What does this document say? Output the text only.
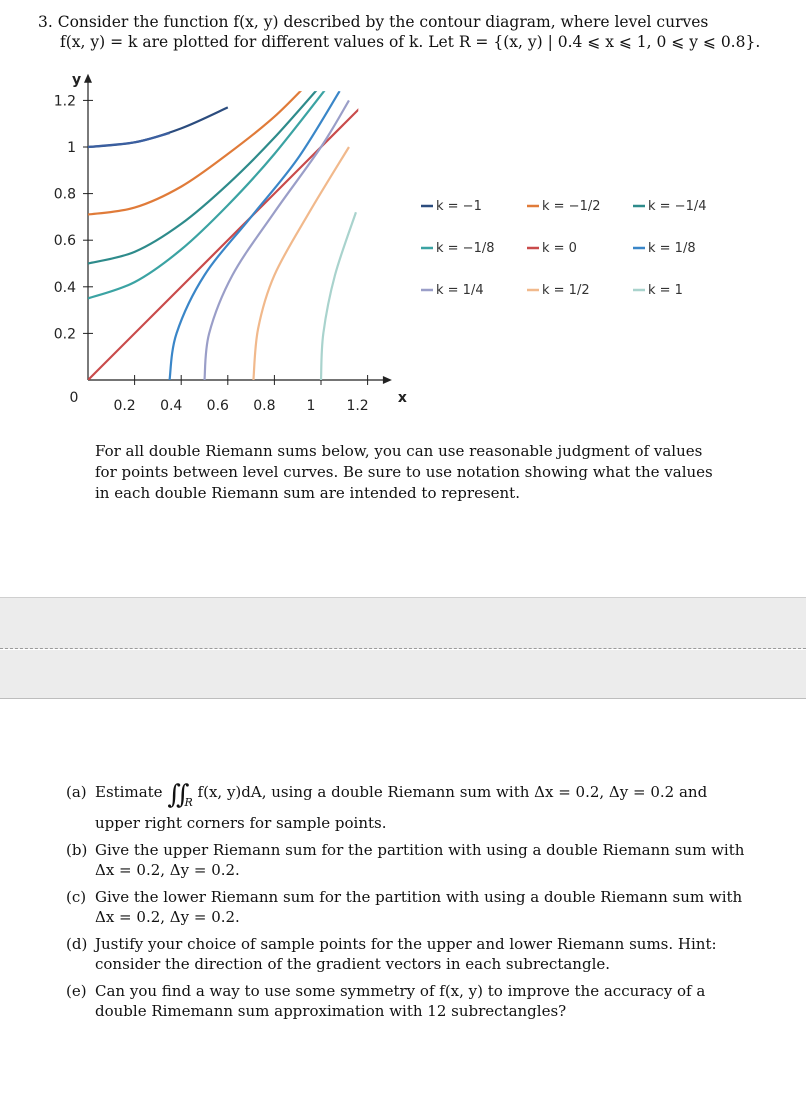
3. Consider the function f(x, y) described by the contour diagram, where level curves
f(x, y) = k are plotted for different values of k. Let R = {(x, y) | 0.4 ⩽ x ⩽ 1, 0 ⩽ y ⩽ 0.8}.
0.2
0.2
0.4
0.4
0.6
0.6
0.8
0.8
1
1
1.2
1.2
0	x
y
k = −1	k = −1/2	k = −1/4
k = −1/8	k = 0	k = 1/8
k = 1/4	k = 1/2	k = 1
For all double Riemann sums below, you can use reasonable judgment of values for points between level curves. Be sure to use notation showing what the values in each double Riemann sum are intended to represent.
(a) Estimate $∬_R$ f(x, y)dA, using a double Riemann sum with Δx = 0.2, Δy = 0.2 and upper right corners for sample points.
(b) Give the upper Riemann sum for the partition with using a double Riemann sum with Δx = 0.2, Δy = 0.2.
(c) Give the lower Riemann sum for the partition with using a double Riemann sum with Δx = 0.2, Δy = 0.2.
(d) Justify your choice of sample points for the upper and lower Riemann sums. Hint: consider the direction of the gradient vectors in each subrectangle.
(e) Can you find a way to use some symmetry of f(x, y) to improve the accuracy of a double Rimemann sum approximation with 12 subrectangles?
